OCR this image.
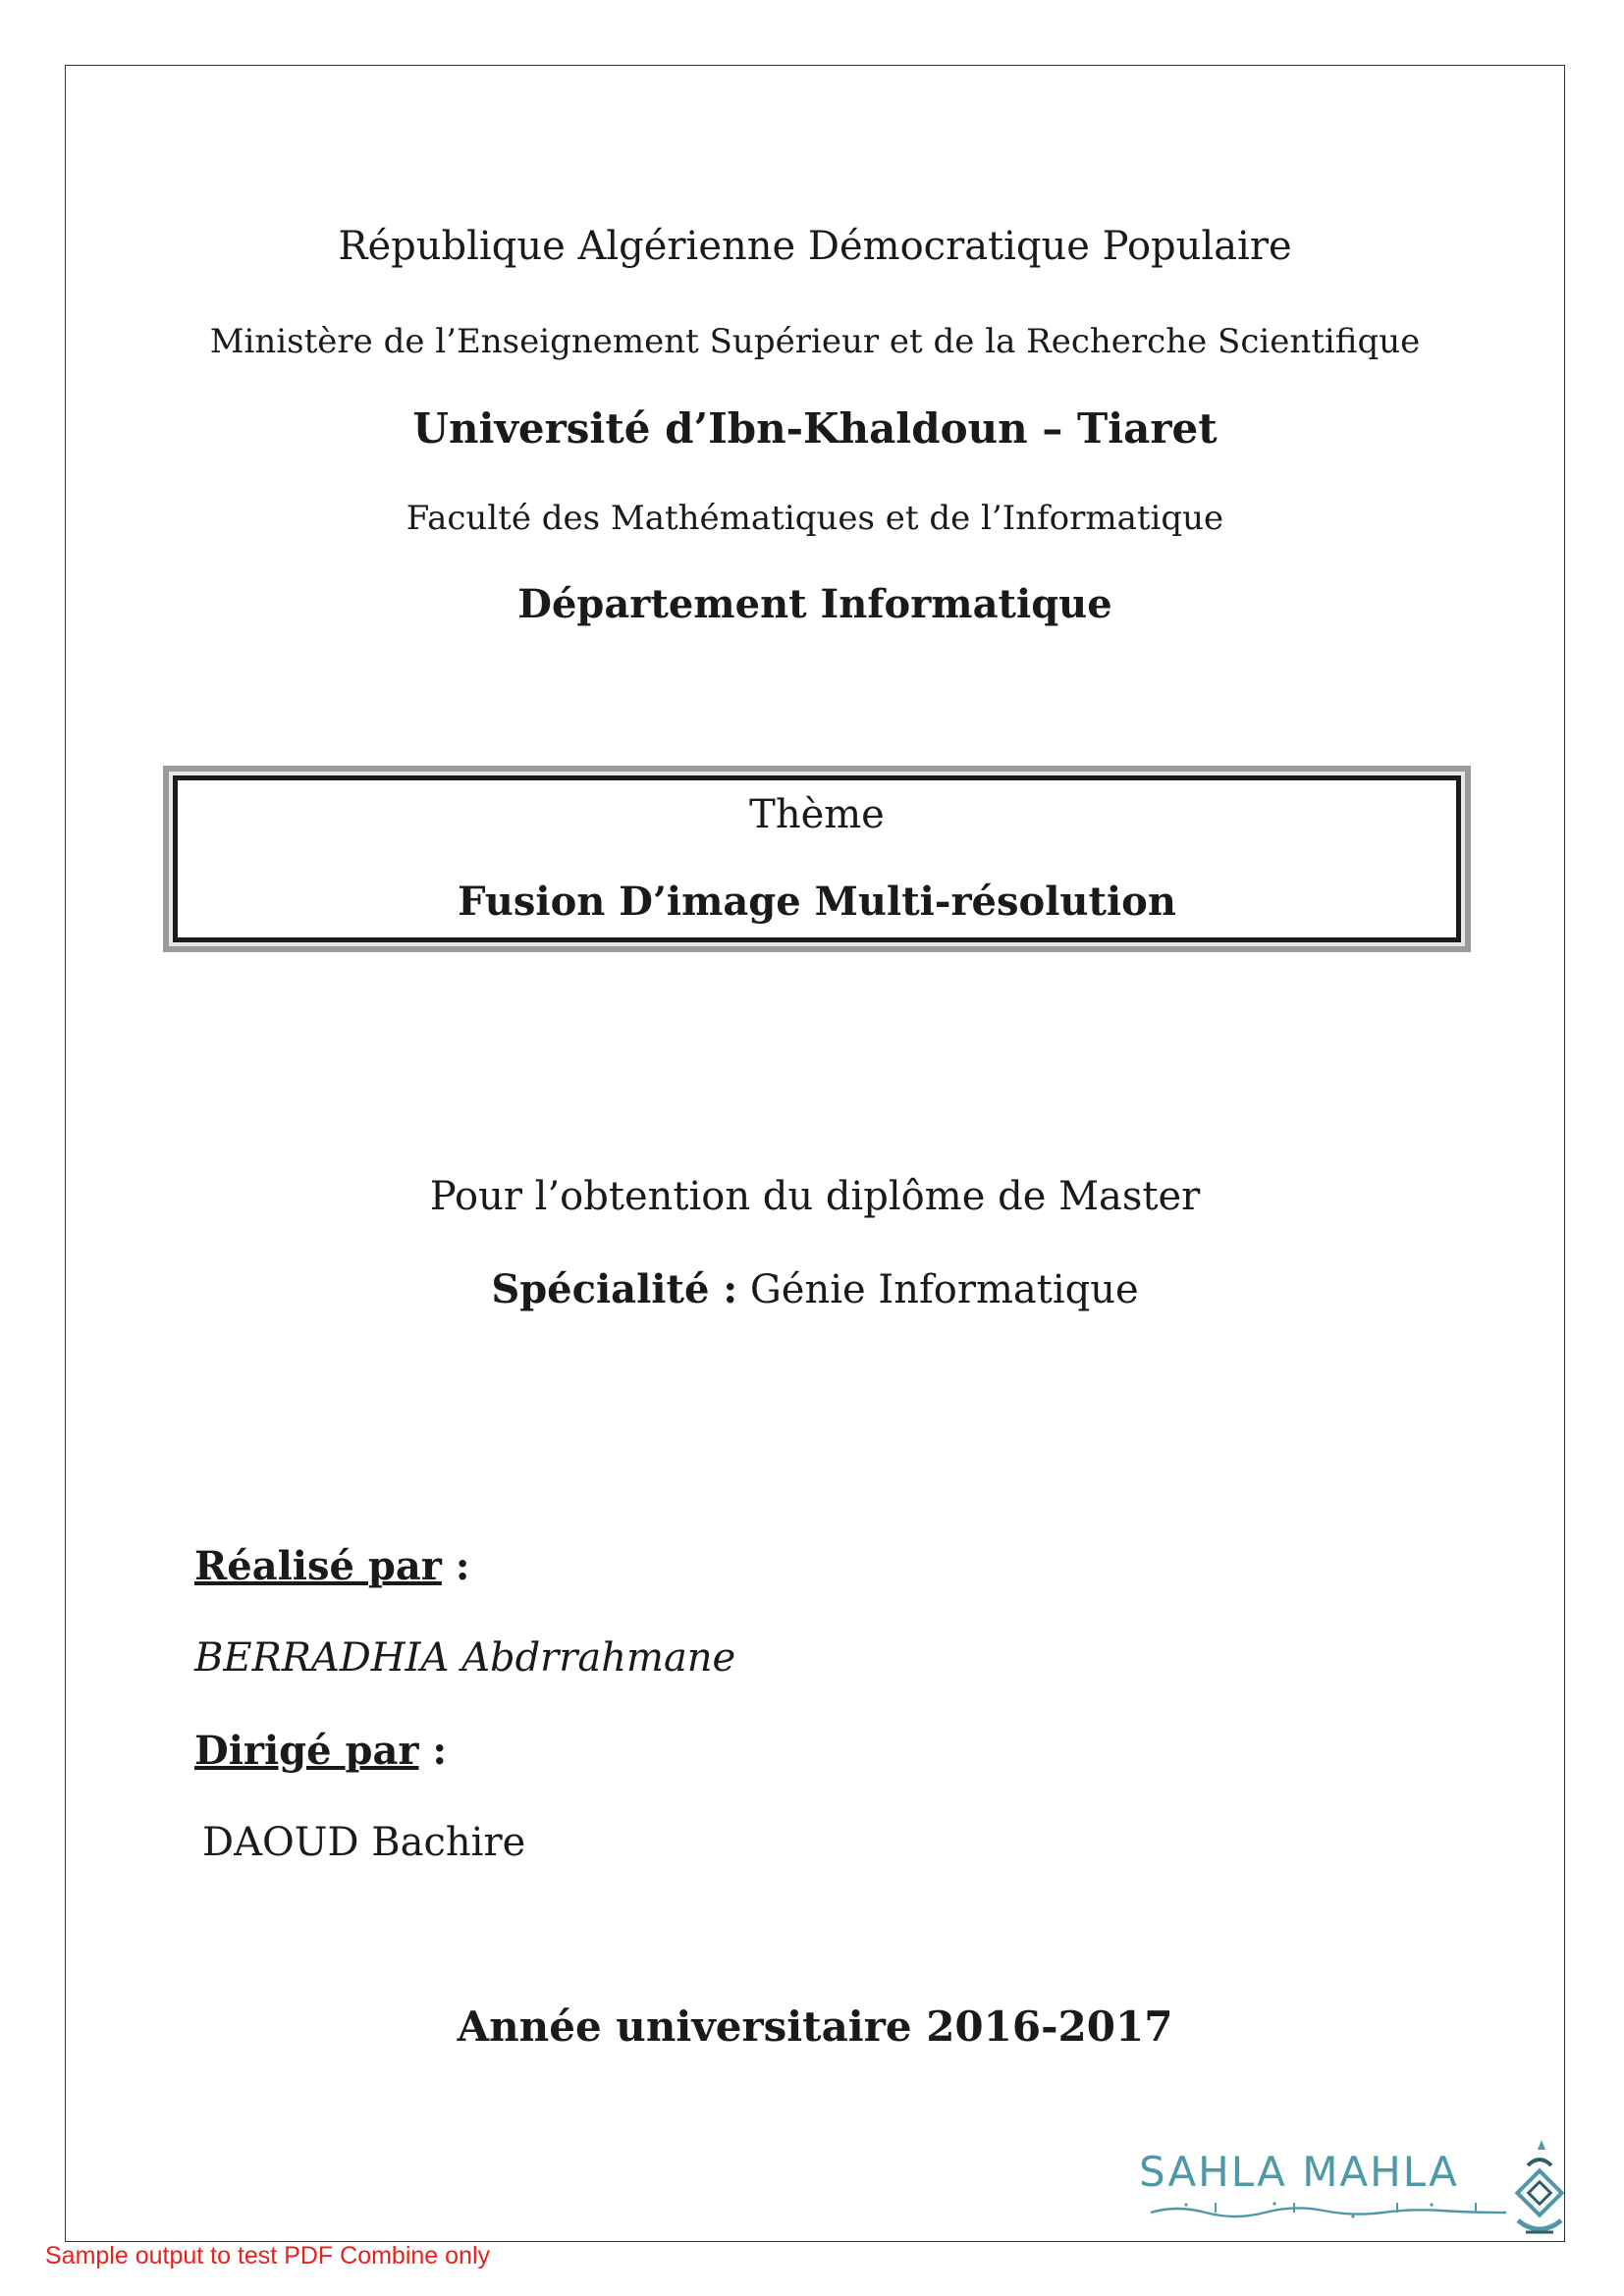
République Algérienne Démocratique Populaire
Ministère de l’Enseignement Supérieur et de la Recherche Scientifique
Université d’Ibn-Khaldoun – Tiaret
Faculté des Mathématiques et de l’Informatique
Département Informatique
Thème
Fusion D’image Multi-résolution
Pour l’obtention du diplôme de Master
Spécialité : Génie Informatique
Réalisé par :
BERRADHIA Abdrrahmane
Dirigé par :
DAOUD Bachire
Année universitaire 2016-2017
SAHLA MAHLA
Sample output to test PDF Combine only
